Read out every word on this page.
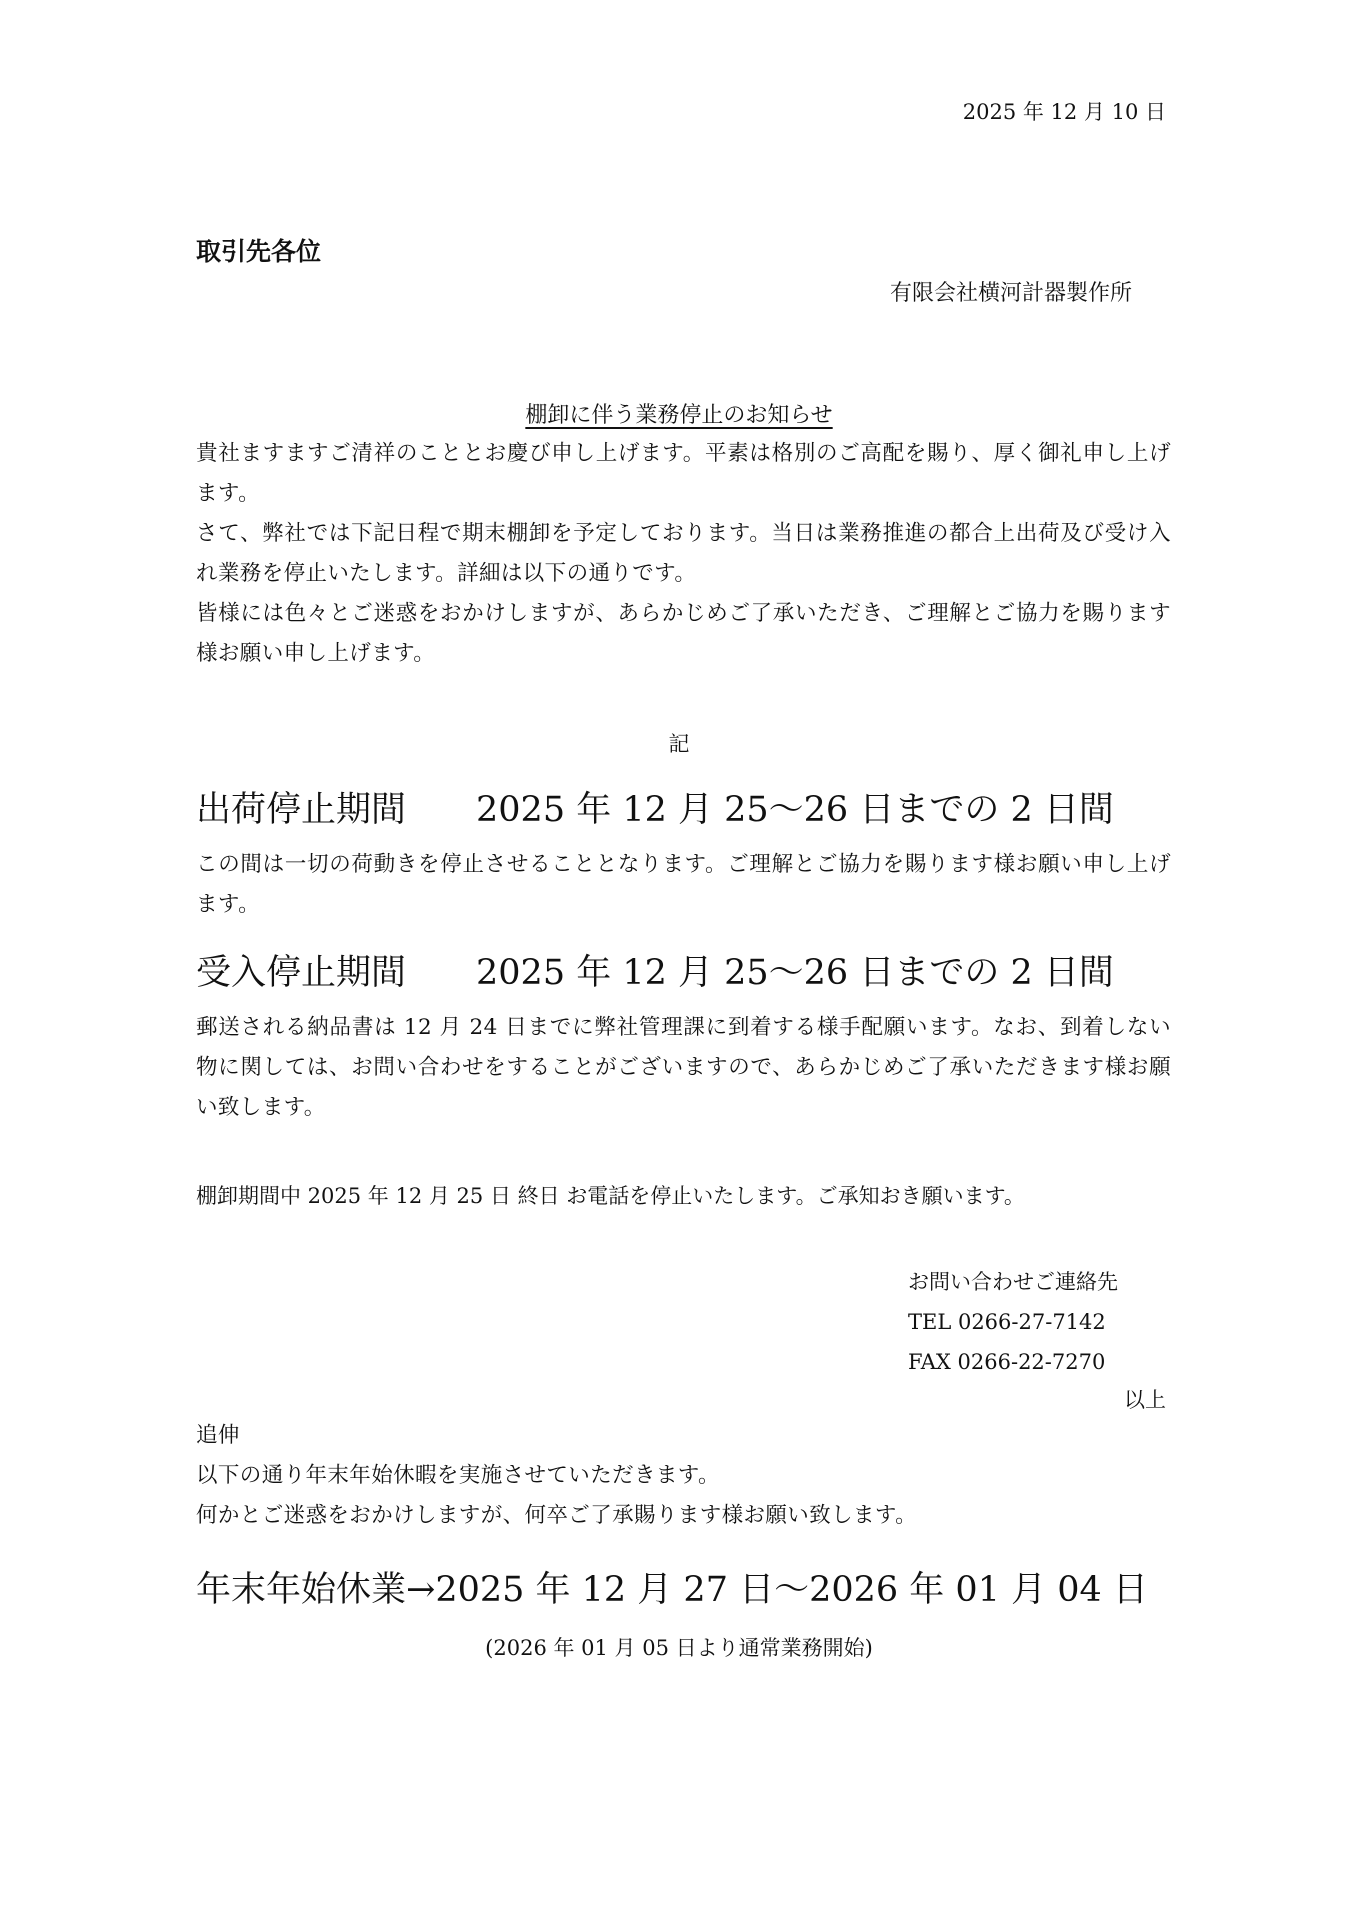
2025 年 12 月 10 日
取引先各位
有限会社横河計器製作所
棚卸に伴う業務停止のお知らせ

貴社ますますご清祥のこととお慶び申し上げます。平素は格別のご高配を賜り、厚く御礼申し上げます。

さて、弊社では下記日程で期末棚卸を予定しております。当日は業務推進の都合上出荷及び受け入れ業務を停止いたします。詳細は以下の通りです。

皆様には色々とご迷惑をおかけしますが、あらかじめご了承いただき、ご理解とご協力を賜ります様お願い申し上げます。

記
出荷停止期間 2025 年 12 月 25～26 日までの 2 日間

この間は一切の荷動きを停止させることとなります。ご理解とご協力を賜ります様お願い申し上げます。

受入停止期間 2025 年 12 月 25～26 日までの 2 日間

郵送される納品書は 12 月 24 日までに弊社管理課に到着する様手配願います。なお、到着しない物に関しては、お問い合わせをすることがございますので、あらかじめご了承いただきます様お願い致します。

棚卸期間中 2025 年 12 月 25 日 終日 お電話を停止いたします。ご承知おき願います。
お問い合わせご連絡先
TEL 0266-27-7142
FAX 0266-22-7270
以上

追伸

以下の通り年末年始休暇を実施させていただきます。

何かとご迷惑をおかけしますが、何卒ご了承賜ります様お願い致します。

年末年始休業→2025 年 12 月 27 日～2026 年 01 月 04 日
(2026 年 01 月 05 日より通常業務開始)
